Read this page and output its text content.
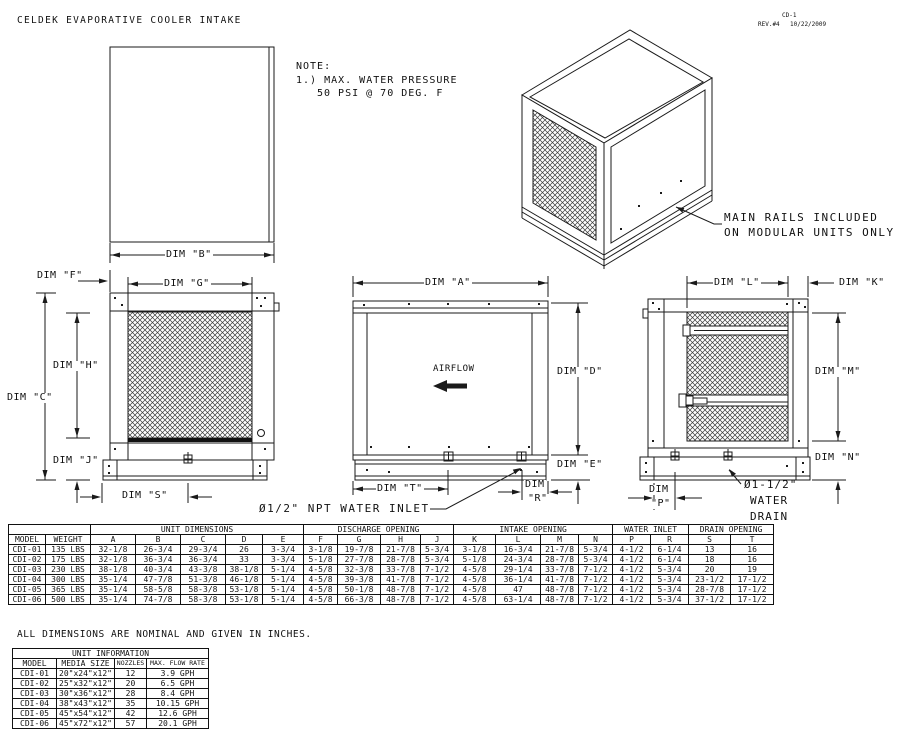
CELDEK EVAPORATIVE COOLER INTAKE	CD-1
REV.#4 10/22/2009
NOTE:
1.) MAX. WATER PRESSURE
50 PSI @ 70 DEG. F
MAIN RAILS INCLUDED
ON MODULAR UNITS ONLY
DIM "B"
DIM "F"
DIM "G"
DIM "H"
DIM "C"
DIM "J"
DIM "S"
DIM "A"
AIRFLOW	DIM "D"
DIM "E"
DIM "T"	DIM
"R"
Ø1/2" NPT WATER INLET
DIM "L"	DIM "K"
DIM "M"
DIM "N"
DIM
"P"
Ø1-1/2"
WATER
DRAIN
ALL DIMENSIONS ARE NOMINAL AND GIVEN IN INCHES.
		UNIT DIMENSIONS					DISCHARGE OPENING				INTAKE OPENING				WATER INLET		DRAIN OPENING	
MODEL	WEIGHT	A	B	C	D	E	F	G	H	J	K	L	M	N	P	R	S	T
CDI-01	135 LBS	32-1/8	26-3/4	29-3/4	26	3-3/4	3-1/8	19-7/8	21-7/8	5-3/4	3-1/8	16-3/4	21-7/8	5-3/4	4-1/2	6-1/4	13	16
CDI-02	175 LBS	32-1/8	36-3/4	36-3/4	33	3-3/4	5-1/8	27-7/8	28-7/8	5-3/4	5-1/8	24-3/4	28-7/8	5-3/4	4-1/2	6-1/4	18	16
CDI-03	230 LBS	38-1/8	40-3/4	43-3/8	38-1/8	5-1/4	4-5/8	32-3/8	33-7/8	7-1/2	4-5/8	29-1/4	33-7/8	7-1/2	4-1/2	5-3/4	20	19
CDI-04	300 LBS	35-1/4	47-7/8	51-3/8	46-1/8	5-1/4	4-5/8	39-3/8	41-7/8	7-1/2	4-5/8	36-1/4	41-7/8	7-1/2	4-1/2	5-3/4	23-1/2	17-1/2
CDI-05	365 LBS	35-1/4	58-5/8	58-3/8	53-1/8	5-1/4	4-5/8	50-1/8	48-7/8	7-1/2	4-5/8	47	48-7/8	7-1/2	4-1/2	5-3/4	28-7/8	17-1/2
CDI-06	500 LBS	35-1/4	74-7/8	58-3/8	53-1/8	5-1/4	4-5/8	66-3/8	48-7/8	7-1/2	4-5/8	63-1/4	48-7/8	7-1/2	4-1/2	5-3/4	37-1/2	17-1/2
UNIT INFORMATION			
MODEL	MEDIA SIZE	NOZZLES	MAX. FLOW RATE
CDI-01	20"x24"x12"	12	3.9 GPH
CDI-02	25"x32"x12"	20	6.5 GPH
CDI-03	30"x36"x12"	28	8.4 GPH
CDI-04	38"x43"x12"	35	10.15 GPH
CDI-05	45"x54"x12"	42	12.6 GPH
CDI-06	45"x72"x12"	57	20.1 GPH
